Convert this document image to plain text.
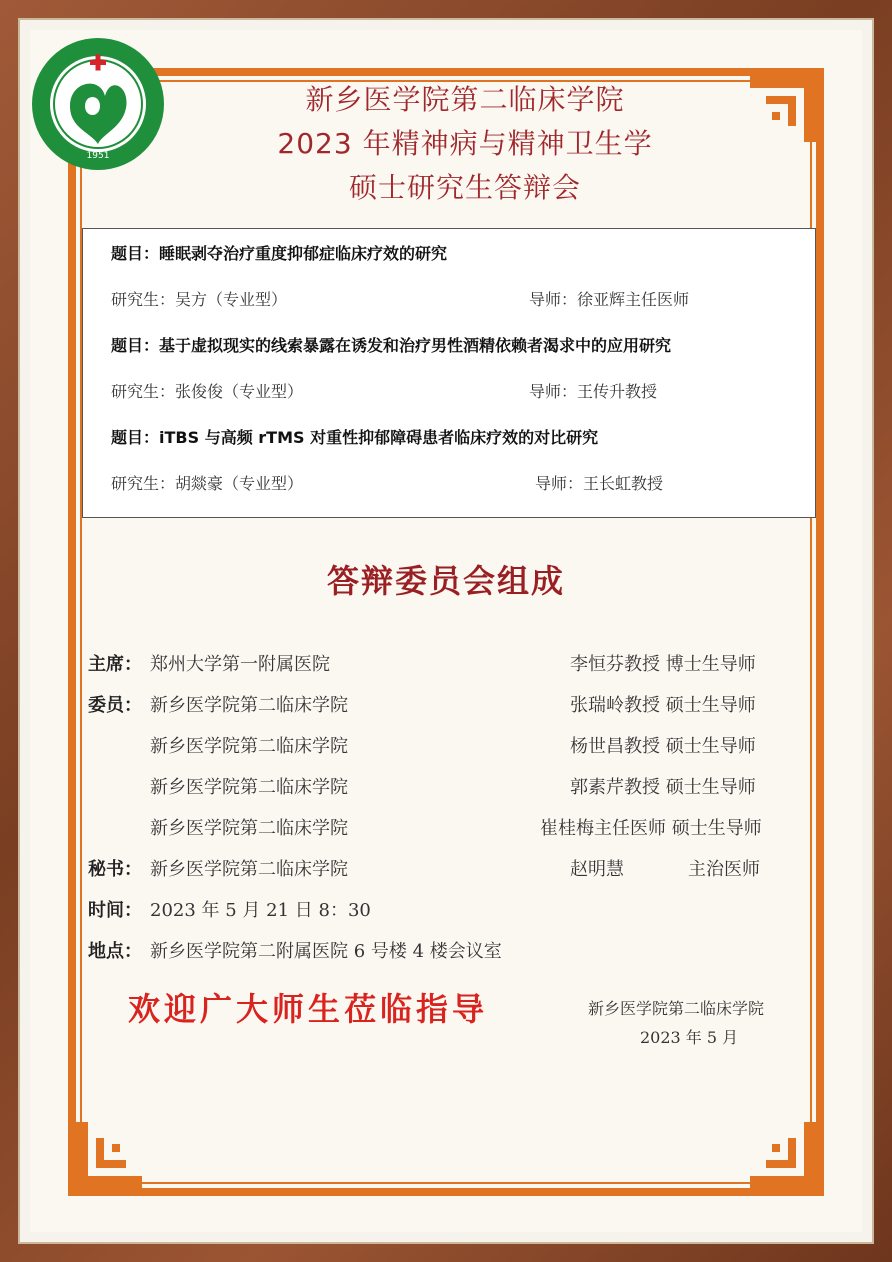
1951
新乡医学院第二临床学院
2023 年精神病与精神卫生学
硕士研究生答辩会
题目：睡眠剥夺治疗重度抑郁症临床疗效的研究
研究生：吴方（专业型）	导师：徐亚辉主任医师
题目：基于虚拟现实的线索暴露在诱发和治疗男性酒精依赖者渴求中的应用研究
研究生：张俊俊（专业型）	导师：王传升教授
题目：iTBS 与高频 rTMS 对重性抑郁障碍患者临床疗效的对比研究
研究生：胡燚豪（专业型）	导师：王长虹教授
答辩委员会组成
主席： 郑州大学第一附属医院	李恒芬教授 博士生导师
委员： 新乡医学院第二临床学院	张瑞岭教授 硕士生导师
新乡医学院第二临床学院	杨世昌教授 硕士生导师
新乡医学院第二临床学院	郭素芹教授 硕士生导师
新乡医学院第二临床学院	崔桂梅主任医师 硕士生导师
秘书： 新乡医学院第二临床学院	赵明慧	主治医师
时间： 2023 年 5 月 21 日 8：30
地点： 新乡医学院第二附属医院 6 号楼 4 楼会议室
欢迎广大师生莅临指导	新乡医学院第二临床学院
2023 年 5 月
